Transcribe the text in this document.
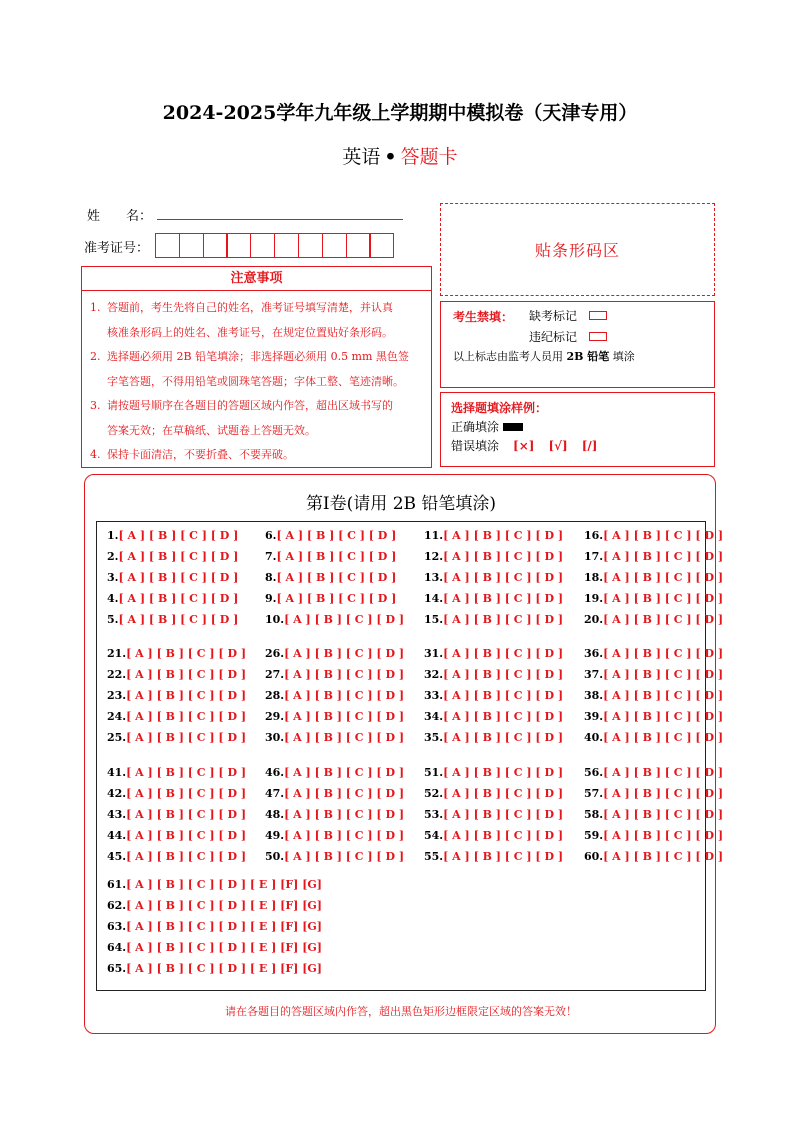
2024-2025学年九年级上学期期中模拟卷（天津专用）
英语 • 答题卡
姓　　名：
准考证号：	贴条形码区
注意事项
1. 答题前，考生先将自己的姓名，准考证号填写清楚，并认真
核准条形码上的姓名、准考证号，在规定位置贴好条形码。
2. 选择题必须用 2B 铅笔填涂；非选择题必须用 0.5 mm 黑色签
字笔答题，不得用铅笔或圆珠笔答题；字体工整、笔迹清晰。
3. 请按题号顺序在各题目的答题区域内作答，超出区域书写的
答案无效；在草稿纸、试题卷上答题无效。
4. 保持卡面清洁，不要折叠、不要弄破。
考生禁填： 缺考标记
违纪标记
以上标志由监考人员用 2B 铅笔 填涂
选择题填涂样例：
正确填涂
错误填涂 [×] [√] [/]
第Ⅰ卷(请用 2B 铅笔填涂)
1.[ A ] [ B ] [ C ] [ D ]
2.[ A ] [ B ] [ C ] [ D ]
3.[ A ] [ B ] [ C ] [ D ]
4.[ A ] [ B ] [ C ] [ D ]
5.[ A ] [ B ] [ C ] [ D ]
6.[ A ] [ B ] [ C ] [ D ]
7.[ A ] [ B ] [ C ] [ D ]
8.[ A ] [ B ] [ C ] [ D ]
9.[ A ] [ B ] [ C ] [ D ]
10.[ A ] [ B ] [ C ] [ D ]
11.[ A ] [ B ] [ C ] [ D ]
12.[ A ] [ B ] [ C ] [ D ]
13.[ A ] [ B ] [ C ] [ D ]
14.[ A ] [ B ] [ C ] [ D ]
15.[ A ] [ B ] [ C ] [ D ]
16.[ A ] [ B ] [ C ] [ D ]
17.[ A ] [ B ] [ C ] [ D ]
18.[ A ] [ B ] [ C ] [ D ]
19.[ A ] [ B ] [ C ] [ D ]
20.[ A ] [ B ] [ C ] [ D ]
21.[ A ] [ B ] [ C ] [ D ]
22.[ A ] [ B ] [ C ] [ D ]
23.[ A ] [ B ] [ C ] [ D ]
24.[ A ] [ B ] [ C ] [ D ]
25.[ A ] [ B ] [ C ] [ D ]
26.[ A ] [ B ] [ C ] [ D ]
27.[ A ] [ B ] [ C ] [ D ]
28.[ A ] [ B ] [ C ] [ D ]
29.[ A ] [ B ] [ C ] [ D ]
30.[ A ] [ B ] [ C ] [ D ]
31.[ A ] [ B ] [ C ] [ D ]
32.[ A ] [ B ] [ C ] [ D ]
33.[ A ] [ B ] [ C ] [ D ]
34.[ A ] [ B ] [ C ] [ D ]
35.[ A ] [ B ] [ C ] [ D ]
36.[ A ] [ B ] [ C ] [ D ]
37.[ A ] [ B ] [ C ] [ D ]
38.[ A ] [ B ] [ C ] [ D ]
39.[ A ] [ B ] [ C ] [ D ]
40.[ A ] [ B ] [ C ] [ D ]
41.[ A ] [ B ] [ C ] [ D ]
42.[ A ] [ B ] [ C ] [ D ]
43.[ A ] [ B ] [ C ] [ D ]
44.[ A ] [ B ] [ C ] [ D ]
45.[ A ] [ B ] [ C ] [ D ]
46.[ A ] [ B ] [ C ] [ D ]
47.[ A ] [ B ] [ C ] [ D ]
48.[ A ] [ B ] [ C ] [ D ]
49.[ A ] [ B ] [ C ] [ D ]
50.[ A ] [ B ] [ C ] [ D ]
51.[ A ] [ B ] [ C ] [ D ]
52.[ A ] [ B ] [ C ] [ D ]
53.[ A ] [ B ] [ C ] [ D ]
54.[ A ] [ B ] [ C ] [ D ]
55.[ A ] [ B ] [ C ] [ D ]
56.[ A ] [ B ] [ C ] [ D ]
57.[ A ] [ B ] [ C ] [ D ]
58.[ A ] [ B ] [ C ] [ D ]
59.[ A ] [ B ] [ C ] [ D ]
60.[ A ] [ B ] [ C ] [ D ]
61.[ A ] [ B ] [ C ] [ D ] [ E ] [F] [G]
62.[ A ] [ B ] [ C ] [ D ] [ E ] [F] [G]
63.[ A ] [ B ] [ C ] [ D ] [ E ] [F] [G]
64.[ A ] [ B ] [ C ] [ D ] [ E ] [F] [G]
65.[ A ] [ B ] [ C ] [ D ] [ E ] [F] [G]
请在各题目的答题区域内作答，超出黑色矩形边框限定区域的答案无效！
